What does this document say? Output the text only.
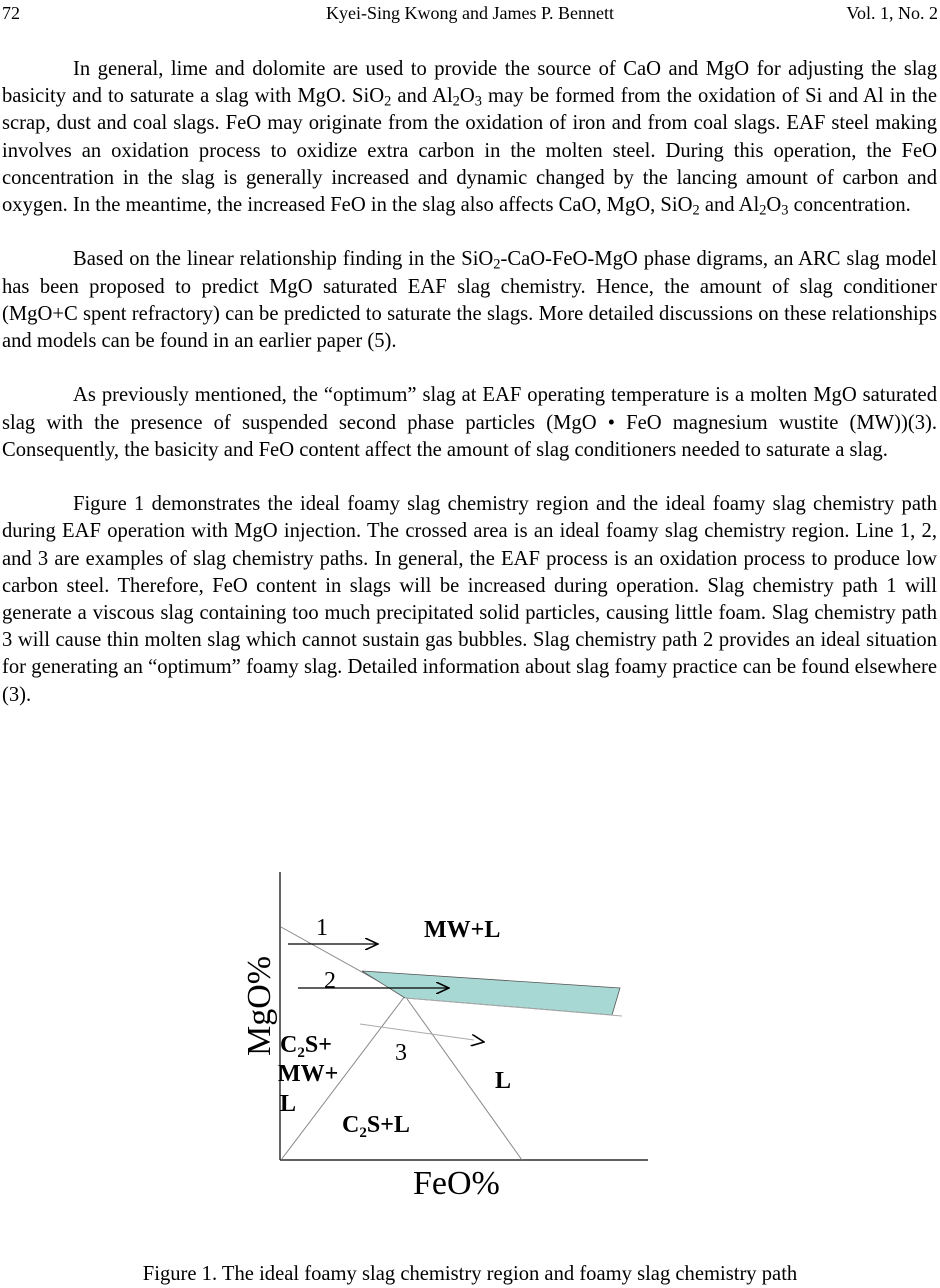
72	Kyei-Sing Kwong and James P. Bennett	Vol. 1, No. 2

In general, lime and dolomite are used to provide the source of CaO and MgO for adjusting the slag basicity and to saturate a slag with MgO. SiO$_2$ and $Al_2O_3$ may be formed from the oxidation of Si and Al in the scrap, dust and coal slags. FeO may originate from the oxidation of iron and from coal slags. EAF steel making involves an oxidation process to oxidize extra carbon in the molten steel. During this operation, the FeO concentration in the slag is generally increased and dynamic changed by the lancing amount of carbon and oxygen. In the meantime, the increased FeO in the slag also affects CaO, MgO, SiO$_2$ and $Al_2O_3$ concentration.

Based on the linear relationship finding in the SiO$_2$-CaO-FeO-MgO phase digrams, an ARC slag model has been proposed to predict MgO saturated EAF slag chemistry. Hence, the amount of slag conditioner (MgO+C spent refractory) can be predicted to saturate the slags. More detailed discussions on these relationships and models can be found in an earlier paper (5).

As previously mentioned, the “optimum” slag at EAF operating temperature is a molten MgO saturated slag with the presence of suspended second phase particles (MgO • FeO magnesium wustite (MW))(3). Consequently, the basicity and FeO content affect the amount of slag conditioners needed to saturate a slag.

Figure 1 demonstrates the ideal foamy slag chemistry region and the ideal foamy slag chemistry path during EAF operation with MgO injection. The crossed area is an ideal foamy slag chemistry region. Line 1, 2, and 3 are examples of slag chemistry paths. In general, the EAF process is an oxidation process to produce low carbon steel. Therefore, FeO content in slags will be increased during operation. Slag chemistry path 1 will generate a viscous slag containing too much precipitated solid particles, causing little foam. Slag chemistry path 3 will cause thin molten slag which cannot sustain gas bubbles. Slag chemistry path 2 provides an ideal situation for generating an “optimum” foamy slag. Detailed information about slag foamy practice can be found elsewhere (3).

1
2
3
MW+L
L
$C_2S+L$
$C_2S+ MW+ L$
MgO%
FeO%
Figure 1. The ideal foamy slag chemistry region and foamy slag chemistry path
